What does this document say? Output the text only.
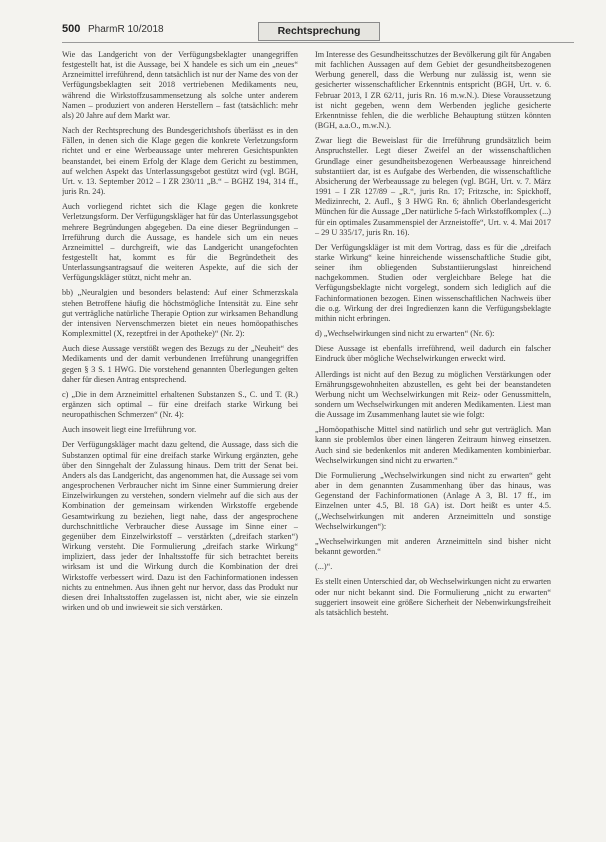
500 PharmR 10/2018	Rechtsprechung

Wie das Landgericht von der Verfügungsbeklagter unangegriffen festgestellt hat, ist die Aussage, bei X handele es sich um ein „neues“ Arzneimittel irreführend, denn tatsächlich ist nur der Name des von der Verfügungsbeklagten seit 2018 vertriebenen Medikaments neu, während die Wirkstoffzusammensetzung als solche unter anderem Namen – produziert von anderen Herstellern – fast (tatsächlich: mehr als) 20 Jahre auf dem Markt war.

Nach der Rechtsprechung des Bundesgerichtshofs überlässt es in den Fällen, in denen sich die Klage gegen die konkrete Verletzungsform richtet und er eine Werbeaussage unter mehreren Gesichtspunkten beanstandet, bei einem Erfolg der Klage dem Gericht zu bestimmen, auf welchen Aspekt das Unterlassungsgebot gestützt wird (vgl. BGH, Urt. v. 13. September 2012 – I ZR 230/11 „B.“ – BGHZ 194, 314 ff., juris Rn. 24).

Auch vorliegend richtet sich die Klage gegen die konkrete Verletzungsform. Der Verfügungskläger hat für das Unterlassungsgebot mehrere Begründungen abgegeben. Da eine dieser Begründungen – Irreführung durch die Aussage, es handele sich um ein neues Arzneimittel – durchgreift, wie das Landgericht unangefochten festgestellt hat, kommt es für die Begründetheit des Unterlassungsantragsauf die weiteren Aspekte, auf die sich der Verfügungskläger stützt, nicht mehr an.

bb) „Neuralgien und besonders belastend: Auf einer Schmerzskala stehen Betroffene häufig die höchstmögliche Intensität zu. Eine sehr gut verträgliche natürliche Therapie Option zur wirksamen Behandlung der intensiven Nervenschmerzen bietet ein neues homöopathisches Komplexmittel (X, rezeptfrei in der Apotheke)“ (Nr. 2):

Auch diese Aussage verstößt wegen des Bezugs zu der „Neuheit“ des Medikaments und der damit verbundenen Irreführung unangegriffen gegen § 3 S. 1 HWG. Die vorstehend genannten Überlegungen gelten daher für diesen Antrag entsprechend.

c) „Die in dem Arzneimittel erhaltenen Substanzen S., C. und T. (R.) ergänzen sich optimal – für eine dreifach starke Wirkung bei neuropathischen Schmerzen“ (Nr. 4):

Auch insoweit liegt eine Irreführung vor.

Der Verfügungskläger macht dazu geltend, die Aussage, dass sich die Substanzen optimal für eine dreifach starke Wirkung ergänzten, gehe über den Sinngehalt der Zulassung hinaus. Dem tritt der Senat bei. Anders als das Landgericht, das angenommen hat, die Aussage sei vom angesprochenen Verbraucher nicht im Sinne einer Summierung dreier Einzelwirkungen zu verstehen, sondern vielmehr auf die sich aus der Kombination der gemeinsam wirkenden Wirkstoffe ergebende Gesamtwirkung zu beziehen, liegt nahe, dass der angesprochene durchschnittliche Verbraucher diese Aussage im Sinne einer – gegenüber dem Einzelwirkstoff – verstärkten („dreifach starken“) Wirkung versteht. Die Formulierung „dreifach starke Wirkung“ impliziert, dass jeder der Inhaltsstoffe für sich betrachtet bereits wirksam ist und die Wirkung durch die Kombination der drei Wirkstoffe verbessert wird. Dazu ist den Fachinformationen indessen nichts zu entnehmen. Aus ihnen geht nur hervor, dass das Produkt nur diesen drei Inhaltsstoffen zugelassen ist, nicht aber, wie sie einzeln wirken und ob und inwieweit sie sich verstärken.

Im Interesse des Gesundheitsschutzes der Bevölkerung gilt für Angaben mit fachlichen Aussagen auf dem Gebiet der gesundheitsbezogenen Werbung generell, dass die Werbung nur zulässig ist, wenn sie gesicherter wissenschaftlicher Erkenntnis entspricht (BGH, Urt. v. 6. Februar 2013, I ZR 62/11, juris Rn. 16 m.w.N.). Diese Voraussetzung ist nicht gegeben, wenn dem Werbenden jegliche gesicherte Erkenntnisse fehlen, die die werbliche Behauptung stützen könnten (BGH, a.a.O., m.w.N.).

Zwar liegt die Beweislast für die Irreführung grundsätzlich beim Anspruchsteller. Legt dieser Zweifel an der wissenschaftlichen Grundlage einer gesundheitsbezogenen Werbeaussage hinreichend substantiiert dar, ist es Aufgabe des Werbenden, die wissenschaftliche Absicherung der Werbeaussage zu belegen (vgl. BGH, Urt. v. 7. März 1991 – I ZR 127/89 – „R.“, juris Rn. 17; Fritzsche, in: Spickhoff, Medizinrecht, 2. Aufl., § 3 HWG Rn. 6; ähnlich Oberlandesgericht München für die Aussage „Der natürliche 5-fach Wirkstoffkomplex (...) für ein optimales Zusammenspiel der Arzneistoffe“, Urt. v. 4. Mai 2017 – 29 U 335/17, juris Rn. 16).

Der Verfügungskläger ist mit dem Vortrag, dass es für die „dreifach starke Wirkung“ keine hinreichende wissenschaftliche Studie gibt, seiner ihm obliegenden Substantiierungslast hinreichend nachgekommen. Studien oder vergleichbare Belege hat die Verfügungsbeklagte nicht vorgelegt, sondern sich lediglich auf die Fachinformationen bezogen. Einen wissenschaftlichen Nachweis über die o.g. Wirkung der drei Ingredienzen kann die Verfügungsbeklagte mithin nicht erbringen.

d) „Wechselwirkungen sind nicht zu erwarten“ (Nr. 6):

Diese Aussage ist ebenfalls irreführend, weil dadurch ein falscher Eindruck über mögliche Wechselwirkungen erweckt wird.

Allerdings ist nicht auf den Bezug zu möglichen Verstärkungen oder Ernährungsgewohnheiten abzustellen, es geht bei der beanstandeten Werbung nicht um Wechselwirkungen mit Reiz- oder Genussmitteln, sondern um Wechselwirkungen mit anderen Medikamenten. Liest man die Aussage im Zusammenhang lautet sie wie folgt:

„Homöopathische Mittel sind natürlich und sehr gut verträglich. Man kann sie problemlos über einen längeren Zeitraum hinweg einsetzen. Auch sind sie bedenkenlos mit anderen Medikamenten kombinierbar. Wechselwirkungen sind nicht zu erwarten.“

Die Formulierung „Wechselwirkungen sind nicht zu erwarten“ geht aber in dem genannten Zusammenhang über das hinaus, was Gegenstand der Fachinformationen (Anlage A 3, Bl. 17 ff., im Einzelnen unter 4.5, Bl. 18 GA) ist. Dort heißt es unter 4.5. („Wechselwirkungen mit anderen Arzneimitteln und sonstige Wechselwirkungen“):

„Wechselwirkungen mit anderen Arzneimitteln sind bisher nicht bekannt geworden.“

(...)“.

Es stellt einen Unterschied dar, ob Wechselwirkungen nicht zu erwarten oder nur nicht bekannt sind. Die Formulierung „nicht zu erwarten“ suggeriert insoweit eine größere Sicherheit der Nebenwirkungsfreiheit als tatsächlich besteht.
